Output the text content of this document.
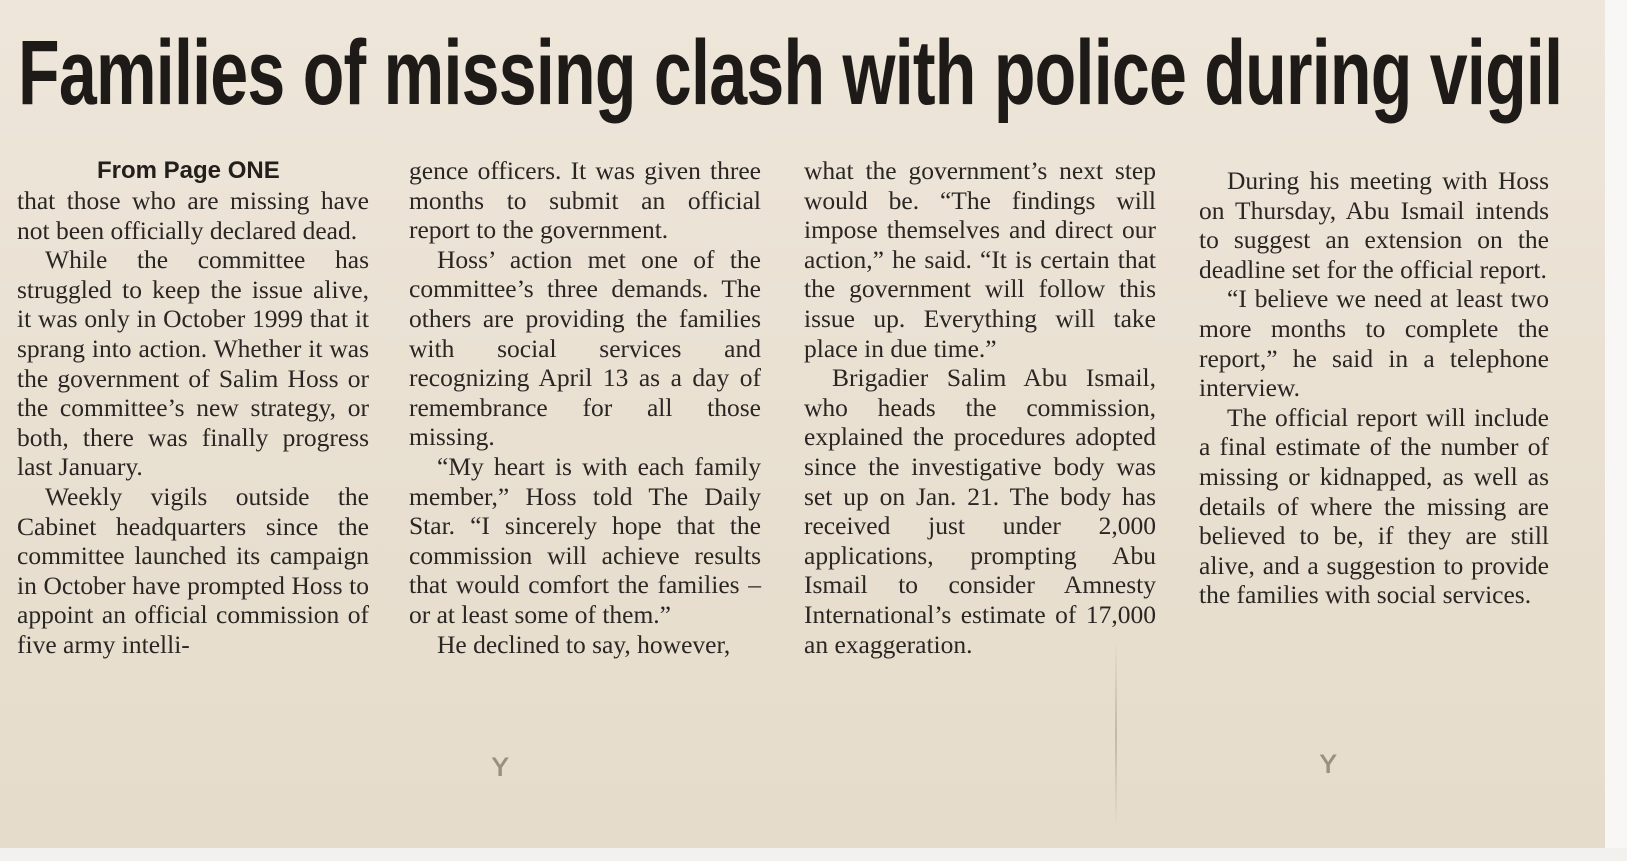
Families of missing clash with police during vigil
From Page ONE

that those who are missing have not been officially declared dead.

While the committee has struggled to keep the issue alive, it was only in October 1999 that it sprang into action. Whether it was the government of Salim Hoss or the committee’s new strategy, or both, there was finally progress last January.

Weekly vigils outside the Cabinet headquarters since the committee launched its campaign in October have prompted Hoss to appoint an official commission of five army intelli-

gence officers. It was given three months to submit an official report to the government.

Hoss’ action met one of the committee’s three demands. The others are providing the families with social services and recognizing April 13 as a day of remembrance for all those missing.

“My heart is with each family member,” Hoss told The Daily Star. “I sincerely hope that the commission will achieve results that would comfort the families – or at least some of them.”

He declined to say, however,

what the government’s next step would be. “The findings will impose themselves and direct our action,” he said. “It is certain that the government will follow this issue up. Everything will take place in due time.”

Brigadier Salim Abu Ismail, who heads the commission, explained the procedures adopted since the investigative body was set up on Jan. 21. The body has received just under 2,000 applications, prompting Abu Ismail to consider Amnesty International’s estimate of 17,000 an exaggeration.

During his meeting with Hoss on Thursday, Abu Ismail intends to suggest an extension on the deadline set for the official report.

“I believe we need at least two more months to complete the report,” he said in a telephone interview.

The official report will include a final estimate of the number of missing or kidnapped, as well as details of where the missing are believed to be, if they are still alive, and a suggestion to provide the families with social services.

ʏ	ʏ
